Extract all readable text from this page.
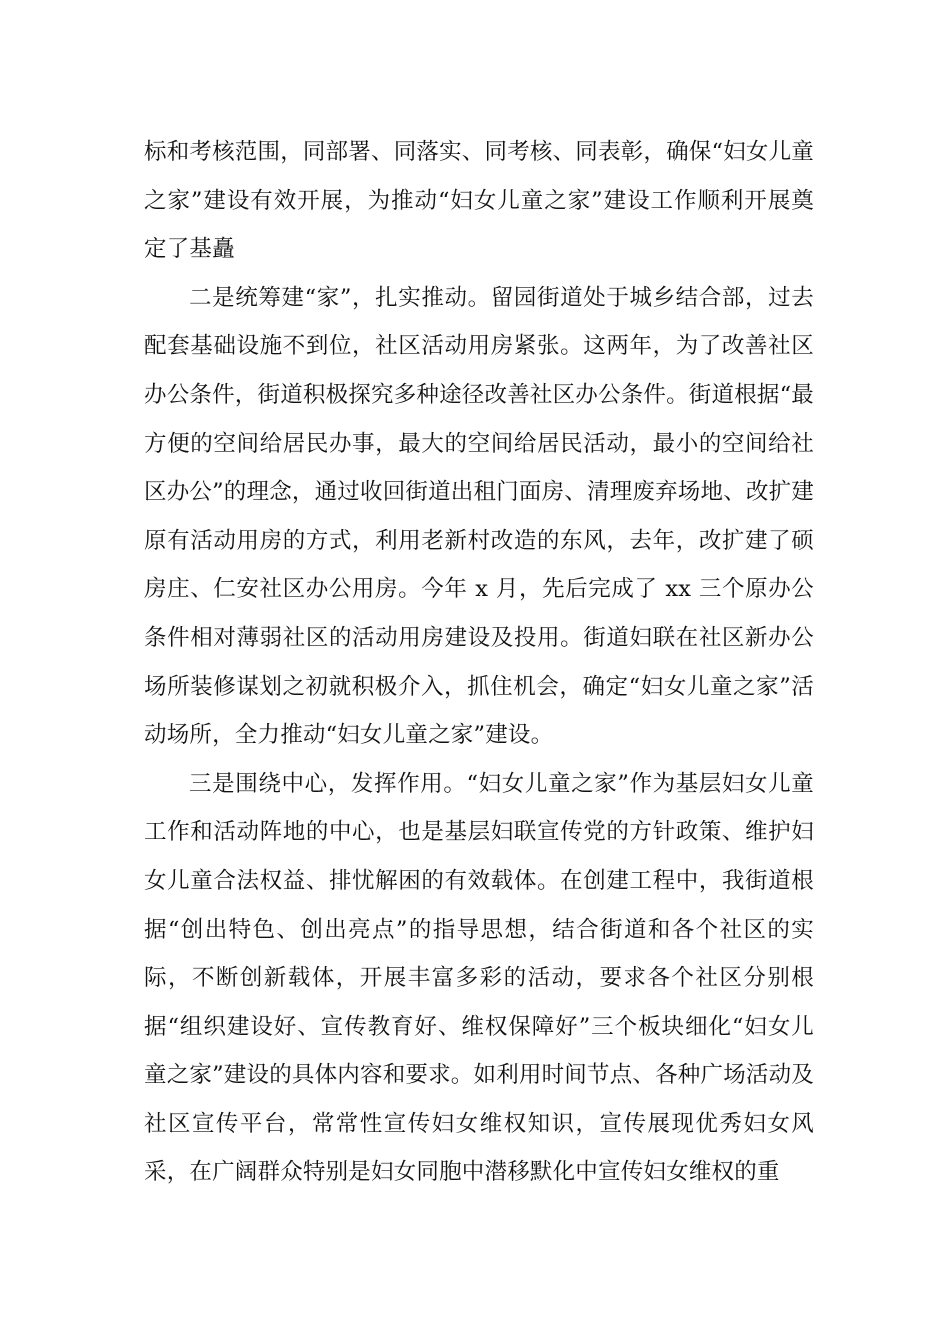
标和考核范围，同部署、同落实、同考核、同表彰，确保“妇女儿童之家”建设有效开展，为推动“妇女儿童之家”建设工作顺利开展奠定了基矗

二是统筹建“家”，扎实推动。留园街道处于城乡结合部，过去配套基础设施不到位，社区活动用房紧张。这两年，为了改善社区办公条件，街道积极探究多种途径改善社区办公条件。街道根据“最方便的空间给居民办事，最大的空间给居民活动，最小的空间给社区办公”的理念，通过收回街道出租门面房、清理废弃场地、改扩建原有活动用房的方式，利用老新村改造的东风，去年，改扩建了硕房庄、仁安社区办公用房。今年 x 月，先后完成了 xx 三个原办公条件相对薄弱社区的活动用房建设及投用。街道妇联在社区新办公场所装修谋划之初就积极介入，抓住机会，确定“妇女儿童之家”活动场所，全力推动“妇女儿童之家”建设。

三是围绕中心，发挥作用。“妇女儿童之家”作为基层妇女儿童工作和活动阵地的中心，也是基层妇联宣传党的方针政策、维护妇女儿童合法权益、排忧解困的有效载体。在创建工程中，我街道根据“创出特色、创出亮点”的指导思想，结合街道和各个社区的实际，不断创新载体，开展丰富多彩的活动，要求各个社区分别根据“组织建设好、宣传教育好、维权保障好”三个板块细化“妇女儿童之家”建设的具体内容和要求。如利用时间节点、各种广场活动及社区宣传平台，常常性宣传妇女维权知识，宣传展现优秀妇女风采，在广阔群众特别是妇女同胞中潜移默化中宣传妇女维权的重
